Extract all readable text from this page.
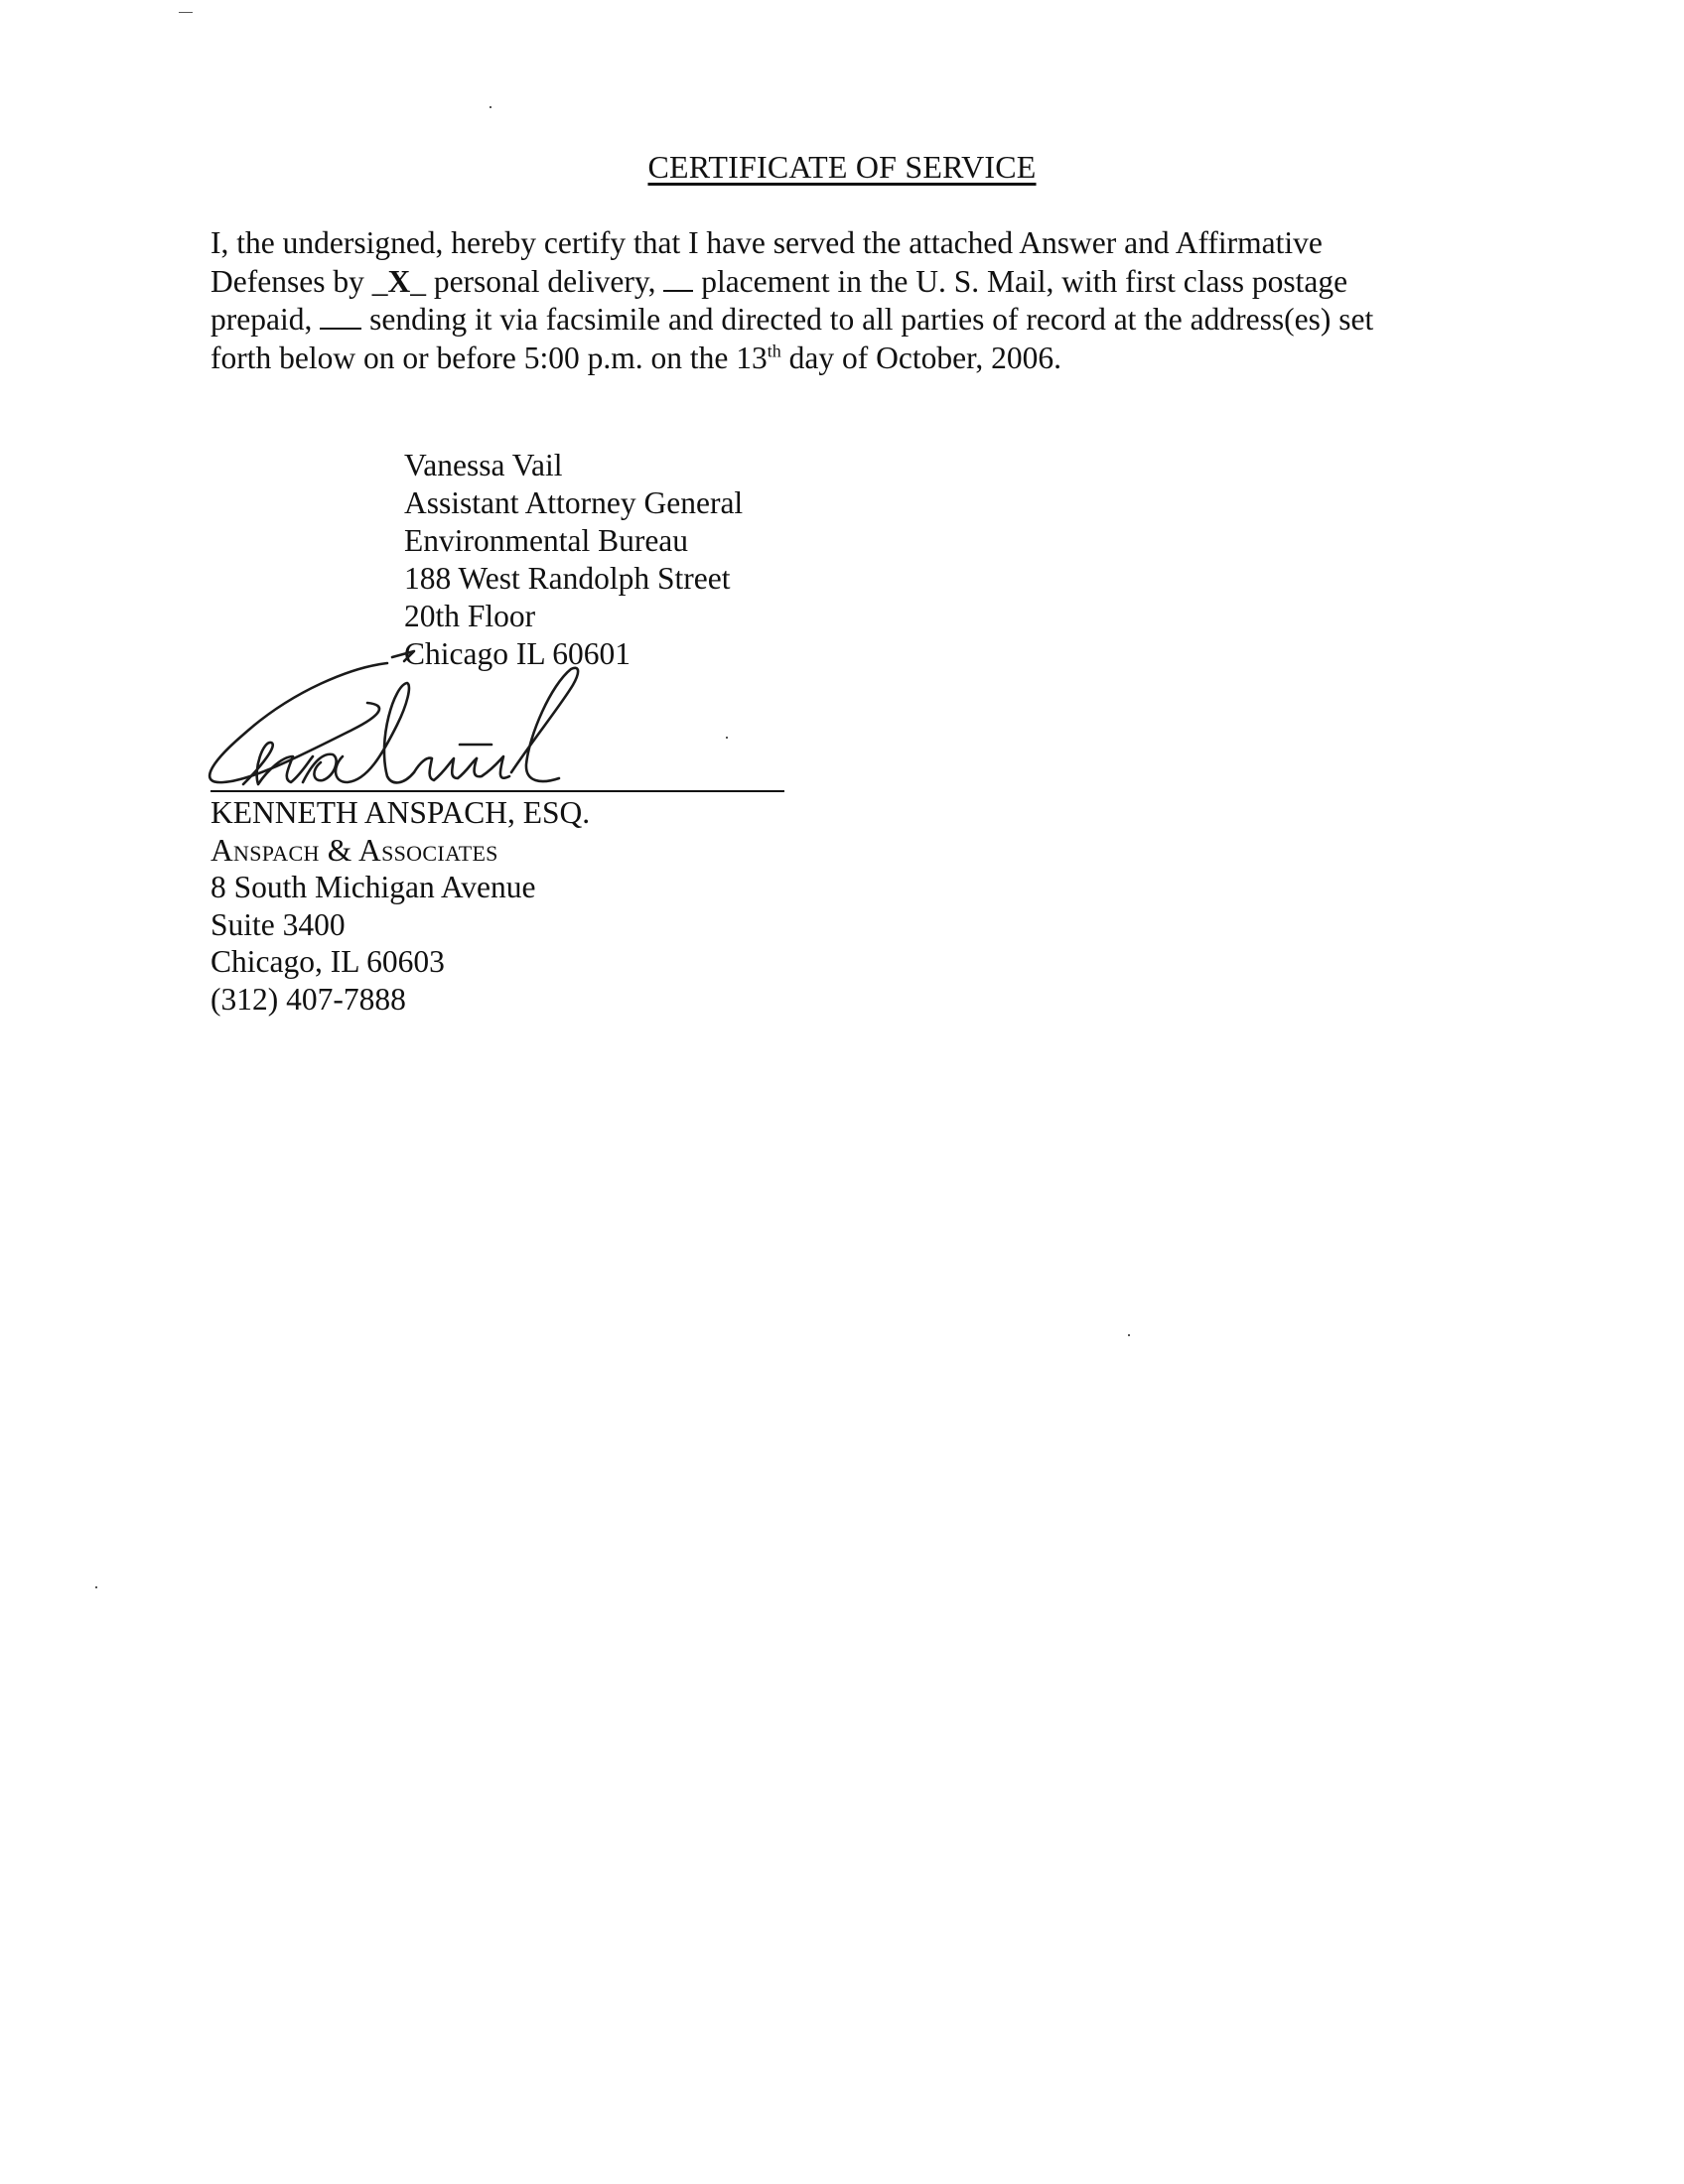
CERTIFICATE OF SERVICE
I, the undersigned, hereby certify that I have served the attached Answer and Affirmative
Defenses by _X_ personal delivery,  placement in the U. S. Mail, with first class postage
prepaid,  sending it via facsimile and directed to all parties of record at the address(es) set
forth below on or before 5:00 p.m. on the 13th day of October, 2006.
Vanessa Vail
Assistant Attorney General
Environmental Bureau
188 West Randolph Street
20th Floor
Chicago IL 60601
KENNETH ANSPACH, ESQ.
Anspach & Associates
8 South Michigan Avenue
Suite 3400
Chicago, IL 60603
(312) 407-7888
